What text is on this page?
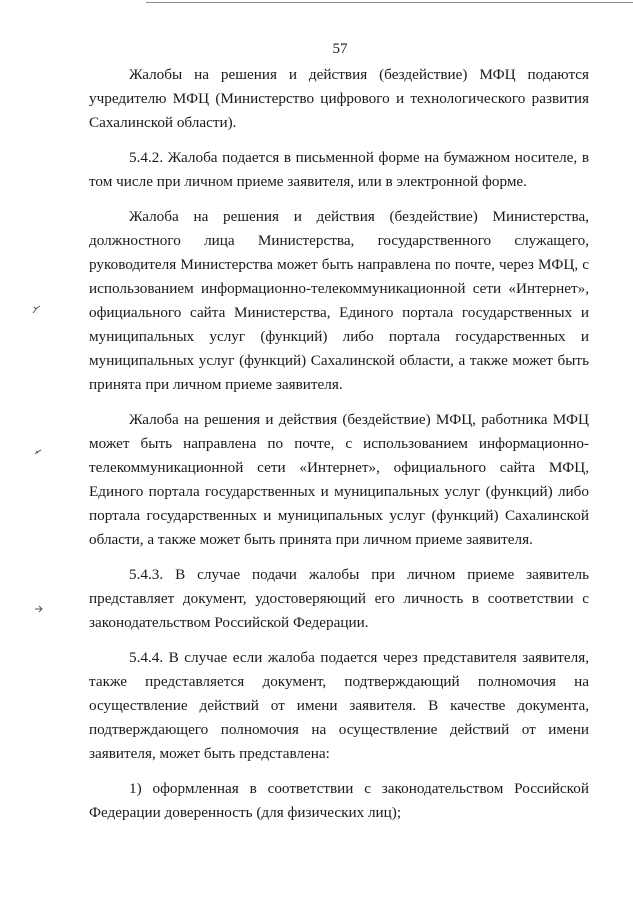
57

Жалобы на решения и действия (бездействие) МФЦ подаются учредителю МФЦ (Министерство цифрового и технологического развития Сахалинской области).

5.4.2. Жалоба подается в письменной форме на бумажном носителе, в том числе при личном приеме заявителя, или в электронной форме.

Жалоба на решения и действия (бездействие) Министерства, должностного лица Министерства, государственного служащего, руководителя Министерства может быть направлена по почте, через МФЦ, с использованием информационно-телекоммуникационной сети «Интернет», официального сайта Министерства, Единого портала государственных и муниципальных услуг (функций) либо портала государственных и муниципальных услуг (функций) Сахалинской области, а также может быть принята при личном приеме заявителя.

Жалоба на решения и действия (бездействие) МФЦ, работника МФЦ может быть направлена по почте, с использованием информационно-телекоммуникационной сети «Интернет», официального сайта МФЦ, Единого портала государственных и муниципальных услуг (функций) либо портала государственных и муниципальных услуг (функций) Сахалинской области, а также может быть принята при личном приеме заявителя.

5.4.3. В случае подачи жалобы при личном приеме заявитель представляет документ, удостоверяющий его личность в соответствии с законодательством Российской Федерации.

5.4.4. В случае если жалоба подается через представителя заявителя, также представляется документ, подтверждающий полномочия на осуществление действий от имени заявителя. В качестве документа, подтверждающего полномочия на осуществление действий от имени заявителя, может быть представлена:

1) оформленная в соответствии с законодательством Российской Федерации доверенность (для физических лиц);
